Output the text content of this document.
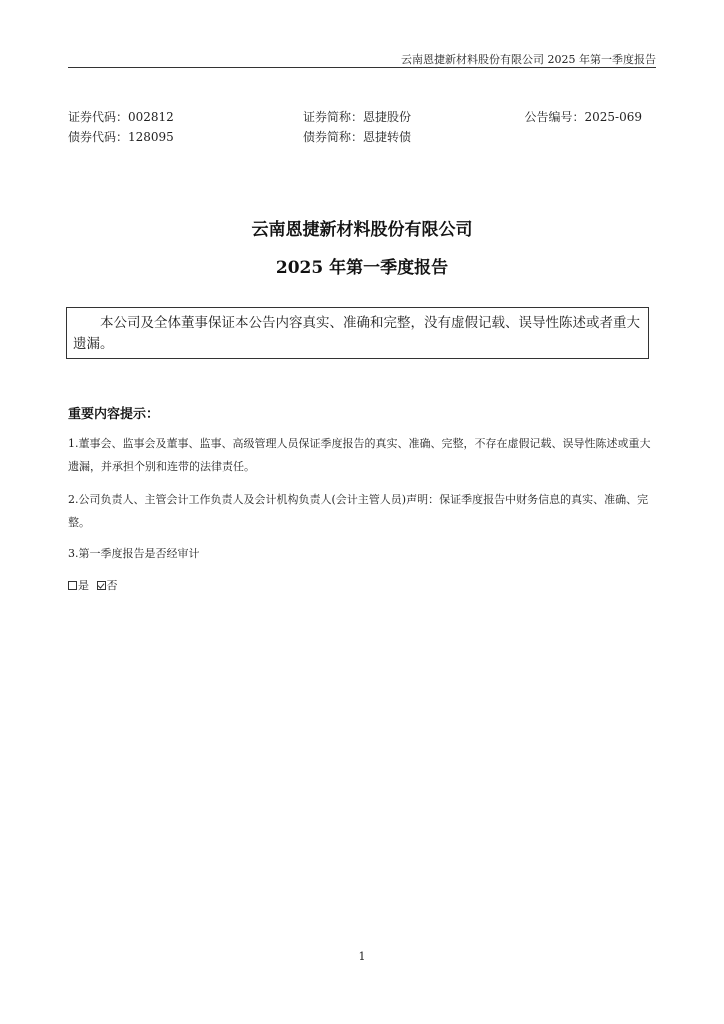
云南恩捷新材料股份有限公司 2025 年第一季度报告
证券代码：002812
债券代码：128095
证券简称：恩捷股份
债券简称：恩捷转债
公告编号：2025-069
云南恩捷新材料股份有限公司
2025 年第一季度报告
本公司及全体董事保证本公告内容真实、准确和完整，没有虚假记载、误导性陈述或者重大遗漏。
重要内容提示：
1.董事会、监事会及董事、监事、高级管理人员保证季度报告的真实、准确、完整，不存在虚假记载、误导性陈述或重大遗漏，并承担个别和连带的法律责任。
2.公司负责人、主管会计工作负责人及会计机构负责人(会计主管人员)声明：保证季度报告中财务信息的真实、准确、完整。
3.第一季度报告是否经审计
是 否
1
